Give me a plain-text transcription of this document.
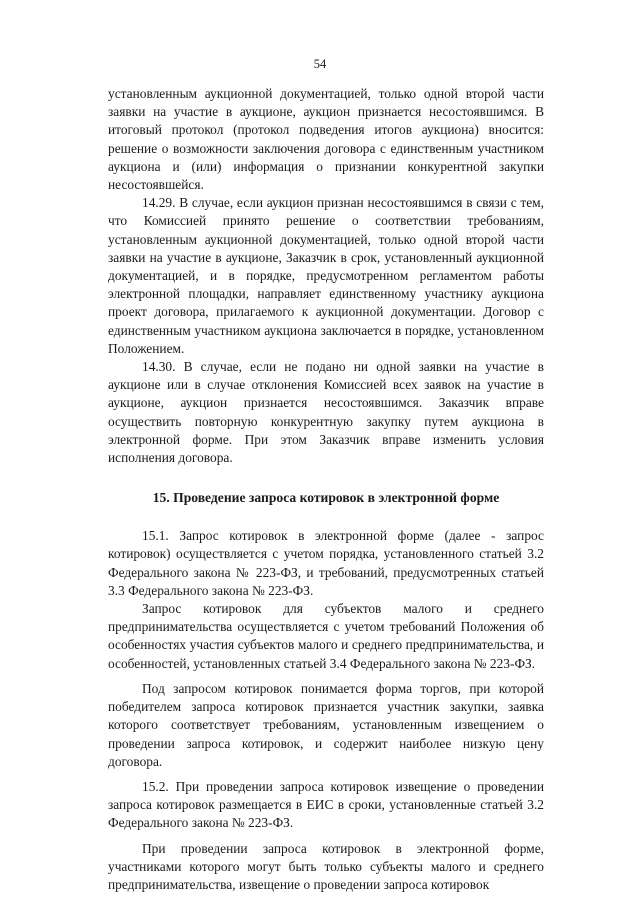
54

установленным аукционной документацией, только одной второй части заявки на участие в аукционе, аукцион признается несостоявшимся. В итоговый протокол (протокол подведения итогов аукциона) вносится: решение о возможности заключения договора с единственным участником аукциона и (или) информация о признании конкурентной закупки несостоявшейся.

14.29. В случае, если аукцион признан несостоявшимся в связи с тем, что Комиссией принято решение о соответствии требованиям, установленным аукционной документацией, только одной второй части заявки на участие в аукционе, Заказчик в срок, установленный аукционной документацией, и в порядке, предусмотренном регламентом работы электронной площадки, направляет единственному участнику аукциона проект договора, прилагаемого к аукционной документации. Договор с единственным участником аукциона заключается в порядке, установленном Положением.

14.30. В случае, если не подано ни одной заявки на участие в аукционе или в случае отклонения Комиссией всех заявок на участие в аукционе, аукцион признается несостоявшимся. Заказчик вправе осуществить повторную конкурентную закупку путем аукциона в электронной форме. При этом Заказчик вправе изменить условия исполнения договора.

15. Проведение запроса котировок в электронной форме

15.1. Запрос котировок в электронной форме (далее - запрос котировок) осуществляется с учетом порядка, установленного статьей 3.2 Федерального закона № 223-ФЗ, и требований, предусмотренных статьей 3.3 Федерального закона № 223-ФЗ.

Запрос котировок для субъектов малого и среднего предпринимательства осуществляется с учетом требований Положения об особенностях участия субъектов малого и среднего предпринимательства, и особенностей, установленных статьей 3.4 Федерального закона № 223-ФЗ.

Под запросом котировок понимается форма торгов, при которой победителем запроса котировок признается участник закупки, заявка которого соответствует требованиям, установленным извещением о проведении запроса котировок, и содержит наиболее низкую цену договора.

15.2. При проведении запроса котировок извещение о проведении запроса котировок размещается в ЕИС в сроки, установленные статьей 3.2 Федерального закона № 223-ФЗ.

При проведении запроса котировок в электронной форме, участниками которого могут быть только субъекты малого и среднего предпринимательства, извещение о проведении запроса котировок
